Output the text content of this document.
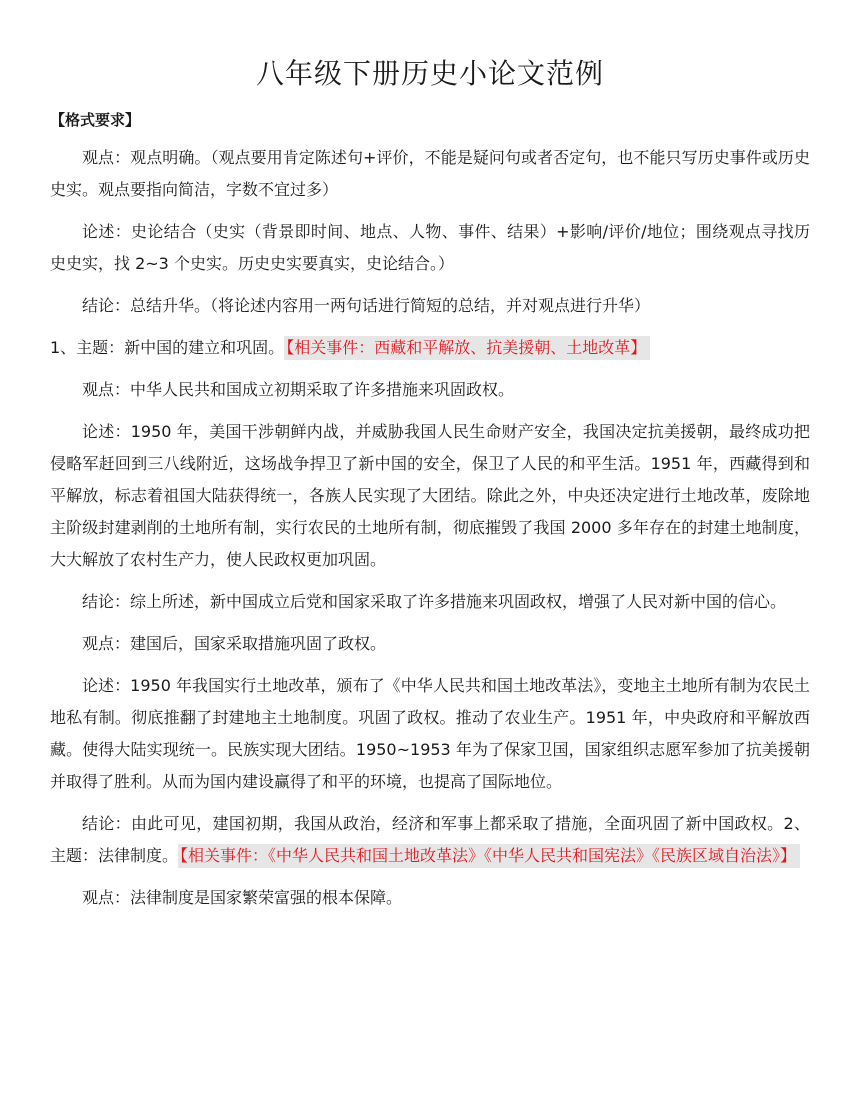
八年级下册历史小论文范例
【格式要求】

观点：观点明确。（观点要用肯定陈述句+评价，不能是疑问句或者否定句，也不能只写历史事件或历史史实。观点要指向简洁，字数不宜过多）

论述：史论结合（史实（背景即时间、地点、人物、事件、结果）+影响/评价/地位；围绕观点寻找历史史实，找 2~3 个史实。历史史实要真实，史论结合。）

结论：总结升华。（将论述内容用一两句话进行简短的总结，并对观点进行升华）

1、主题：新中国的建立和巩固。 【相关事件：西藏和平解放、抗美援朝、土地改革】

观点：中华人民共和国成立初期采取了许多措施来巩固政权。

论述：1950 年，美国干涉朝鲜内战，并威胁我国人民生命财产安全，我国决定抗美援朝，最终成功把侵略军赶回到三八线附近，这场战争捍卫了新中国的安全，保卫了人民的和平生活。1951 年，西藏得到和平解放，标志着祖国大陆获得统一，各族人民实现了大团结。除此之外，中央还决定进行土地改革，废除地主阶级封建剥削的土地所有制，实行农民的土地所有制，彻底摧毁了我国 2000 多年存在的封建土地制度，大大解放了农村生产力，使人民政权更加巩固。

结论：综上所述，新中国成立后党和国家采取了许多措施来巩固政权，增强了人民对新中国的信心。

观点：建国后，国家采取措施巩固了政权。

论述：1950 年我国实行土地改革，颁布了《中华人民共和国土地改革法》，变地主土地所有制为农民土地私有制。彻底推翻了封建地主土地制度。巩固了政权。推动了农业生产。1951 年，中央政府和平解放西藏。使得大陆实现统一。民族实现大团结。1950~1953 年为了保家卫国，国家组织志愿军参加了抗美援朝并取得了胜利。从而为国内建设赢得了和平的环境，也提高了国际地位。

结论：由此可见，建国初期，我国从政治，经济和军事上都采取了措施，全面巩固了新中国政权。2、主题：法律制度。 【相关事件：《中华人民共和国土地改革法》《中华人民共和国宪法》《民族区域自治法》】

观点：法律制度是国家繁荣富强的根本保障。
